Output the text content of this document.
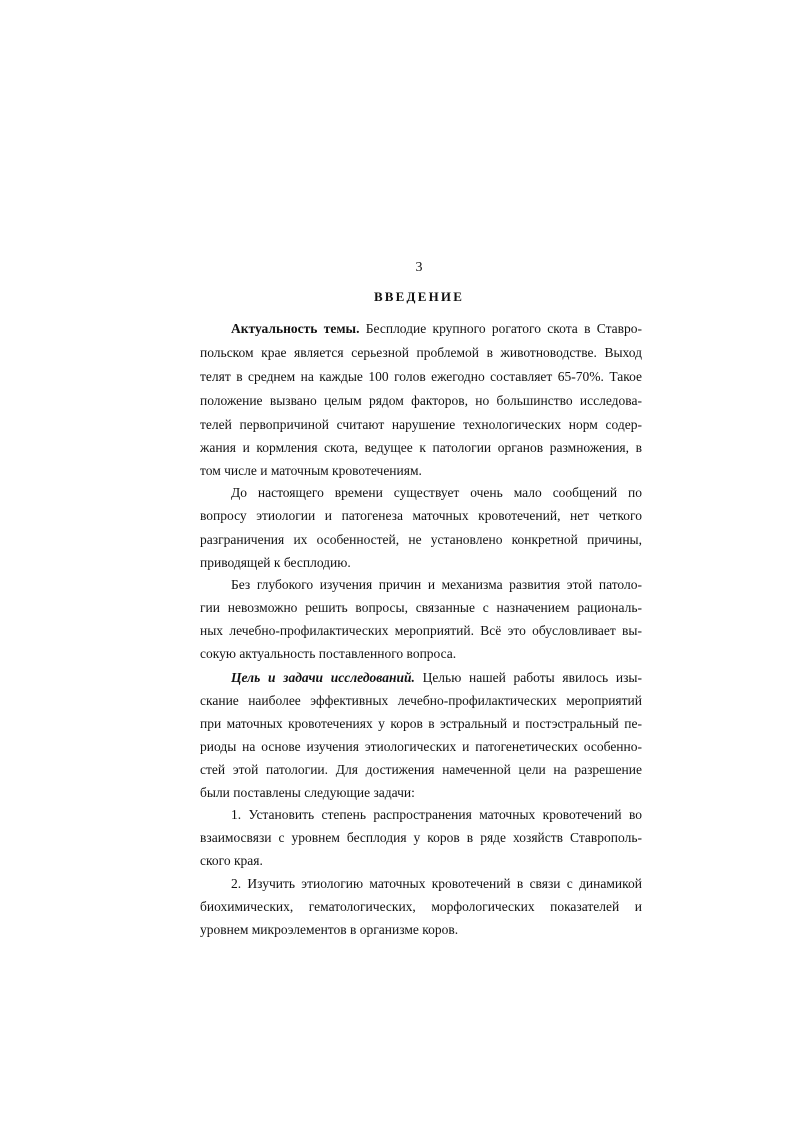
3
ВВЕДЕНИЕ
Актуальность темы. Бесплодие крупного рогатого скота в Ставро-
польском крае является серьезной проблемой в животноводстве. Выход
телят в среднем на каждые 100 голов ежегодно составляет 65-70%. Такое
положение вызвано целым рядом факторов, но большинство исследова-
телей первопричиной считают нарушение технологических норм содер-
жания и кормления скота, ведущее к патологии органов размножения, в
том числе и маточным кровотечениям.
До настоящего времени существует очень мало сообщений по
вопросу этиологии и патогенеза маточных кровотечений, нет четкого
разграничения их особенностей, не установлено конкретной причины,
приводящей к бесплодию.
Без глубокого изучения причин и механизма развития этой патоло-
гии невозможно решить вопросы, связанные с назначением рациональ-
ных лечебно-профилактических мероприятий. Всё это обусловливает вы-
сокую актуальность поставленного вопроса.
Цель и задачи исследований. Целью нашей работы явилось изы-
скание наиболее эффективных лечебно-профилактических мероприятий
при маточных кровотечениях у коров в эстральный и постэстральный пе-
риоды на основе изучения этиологических и патогенетических особенно-
стей этой патологии. Для достижения намеченной цели на разрешение
были поставлены следующие задачи:
1. Установить степень распространения маточных кровотечений во
взаимосвязи с уровнем бесплодия у коров в ряде хозяйств Ставрополь-
ского края.
2. Изучить этиологию маточных кровотечений в связи с динамикой
биохимических, гематологических, морфологических показателей и
уровнем микроэлементов в организме коров.
